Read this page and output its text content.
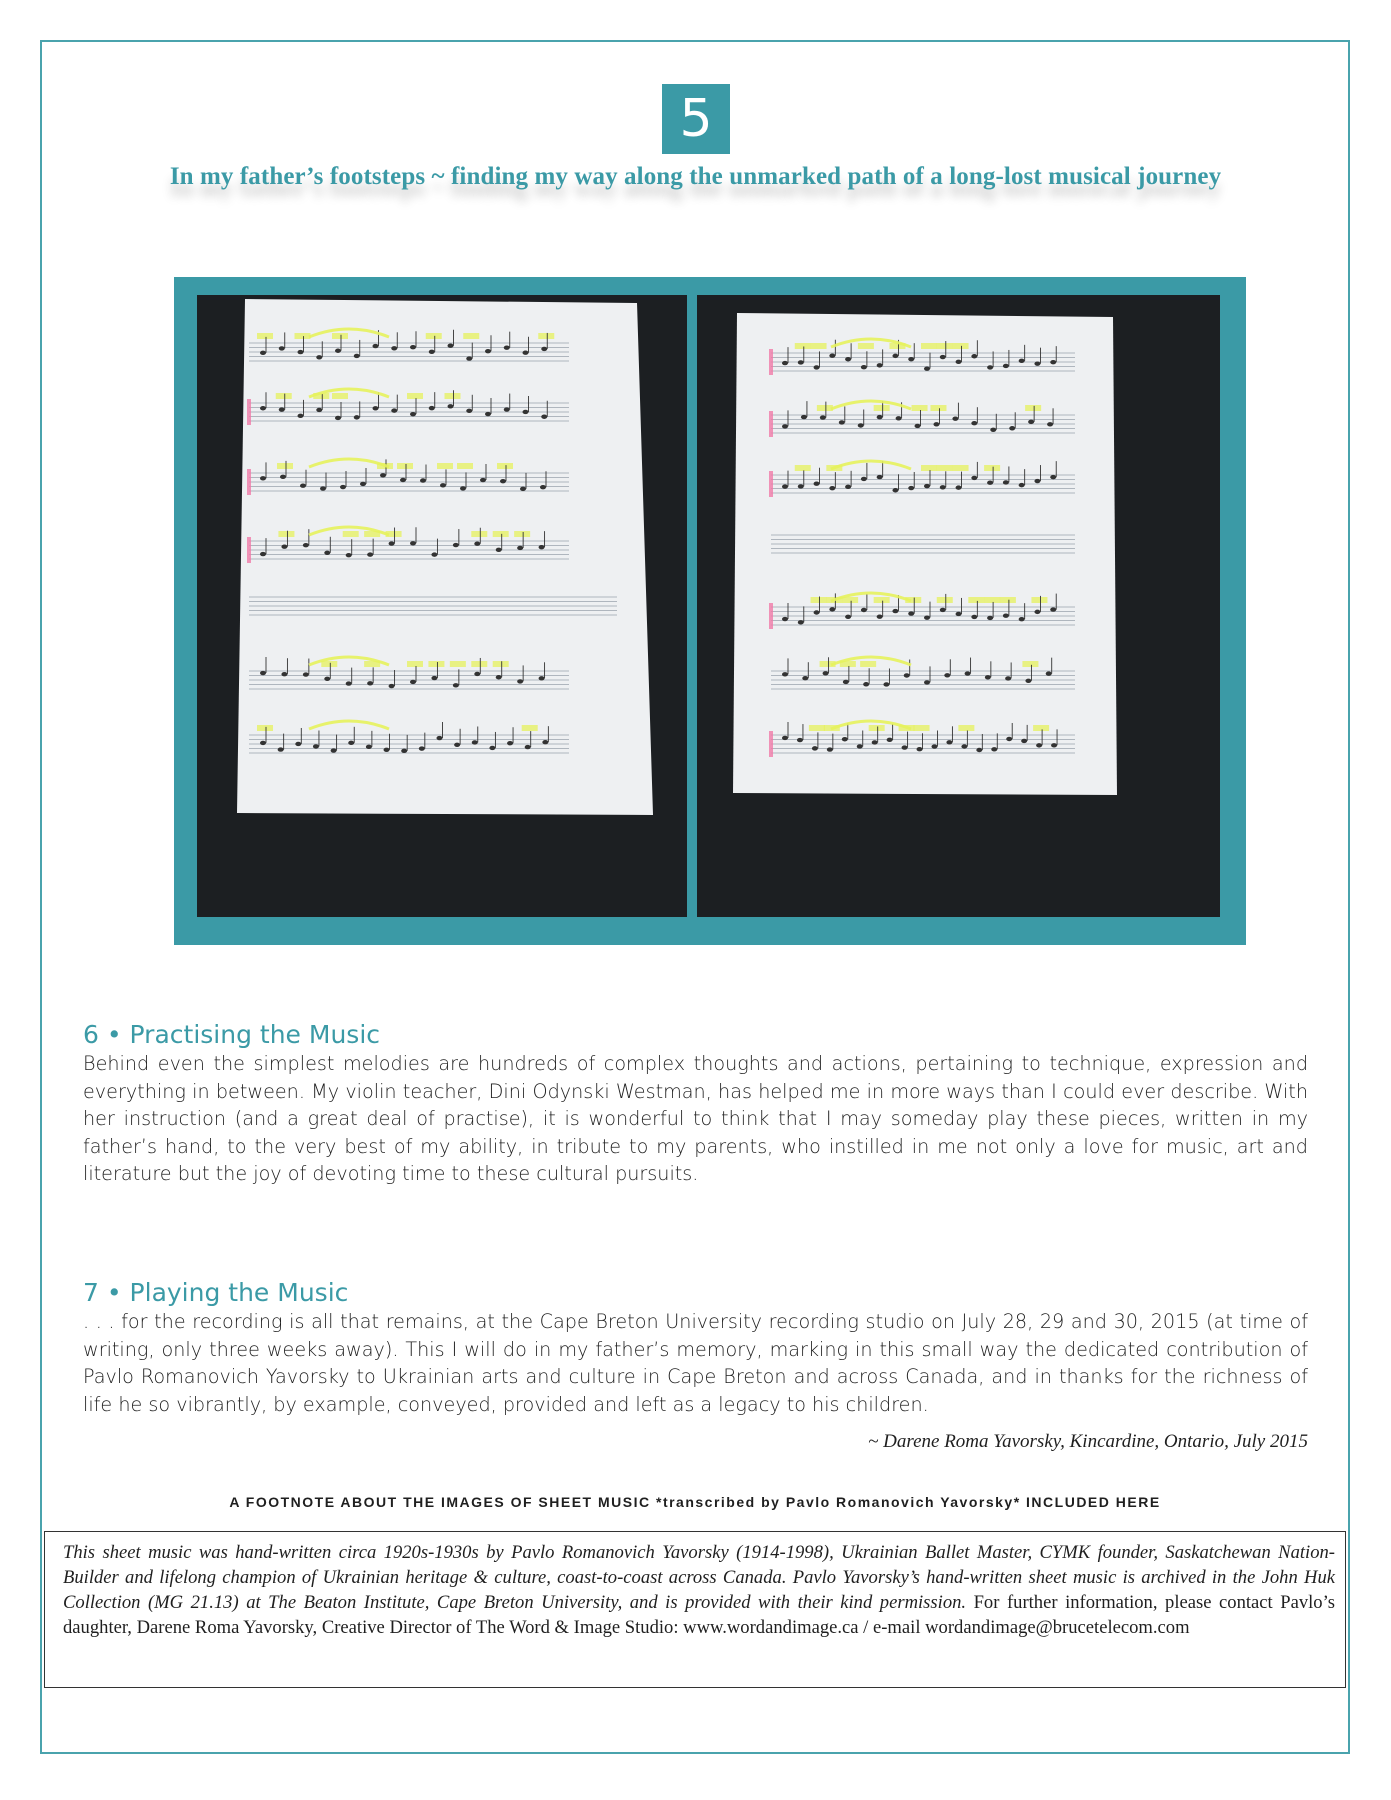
5
In my father’s footsteps ~ finding my way along the unmarked path of a long-lost musical journey
6 • Practising the Music

Behind even the simplest melodies are hundreds of complex thoughts and actions, pertaining to technique, expression and everything in between. My violin teacher, Dini Odynski Westman, has helped me in more ways than I could ever describe. With her instruction (and a great deal of practise), it is wonderful to think that I may someday play these pieces, written in my father’s hand, to the very best of my ability, in tribute to my parents, who instilled in me not only a love for music, art and literature but the joy of devoting time to these cultural pursuits.

7 • Playing the Music

. . . for the recording is all that remains, at the Cape Breton University recording studio on July 28, 29 and 30, 2015 (at time of writing, only three weeks away). This I will do in my father’s memory, marking in this small way the dedicated contribution of Pavlo Romanovich Yavorsky to Ukrainian arts and culture in Cape Breton and across Canada, and in thanks for the richness of life he so vibrantly, by example, conveyed, provided and left as a legacy to his children.

~ Darene Roma Yavorsky, Kincardine, Ontario, July 2015
A FOOTNOTE ABOUT THE IMAGES OF SHEET MUSIC *transcribed by Pavlo Romanovich Yavorsky* INCLUDED HERE
This sheet music was hand-written circa 1920s-1930s by Pavlo Romanovich Yavorsky (1914-1998), Ukrainian Ballet Master, CYMK founder, Saskatchewan Nation-Builder and lifelong champion of Ukrainian heritage & culture, coast-to-coast across Canada. Pavlo Yavorsky’s hand-written sheet music is archived in the John Huk Collection (MG 21.13) at The Beaton Institute, Cape Breton University, and is provided with their kind permission. For further information, please contact Pavlo’s daughter, Darene Roma Yavorsky, Creative Director of The Word & Image Studio: www.wordandimage.ca / e-mail wordandimage@brucetelecom.com
